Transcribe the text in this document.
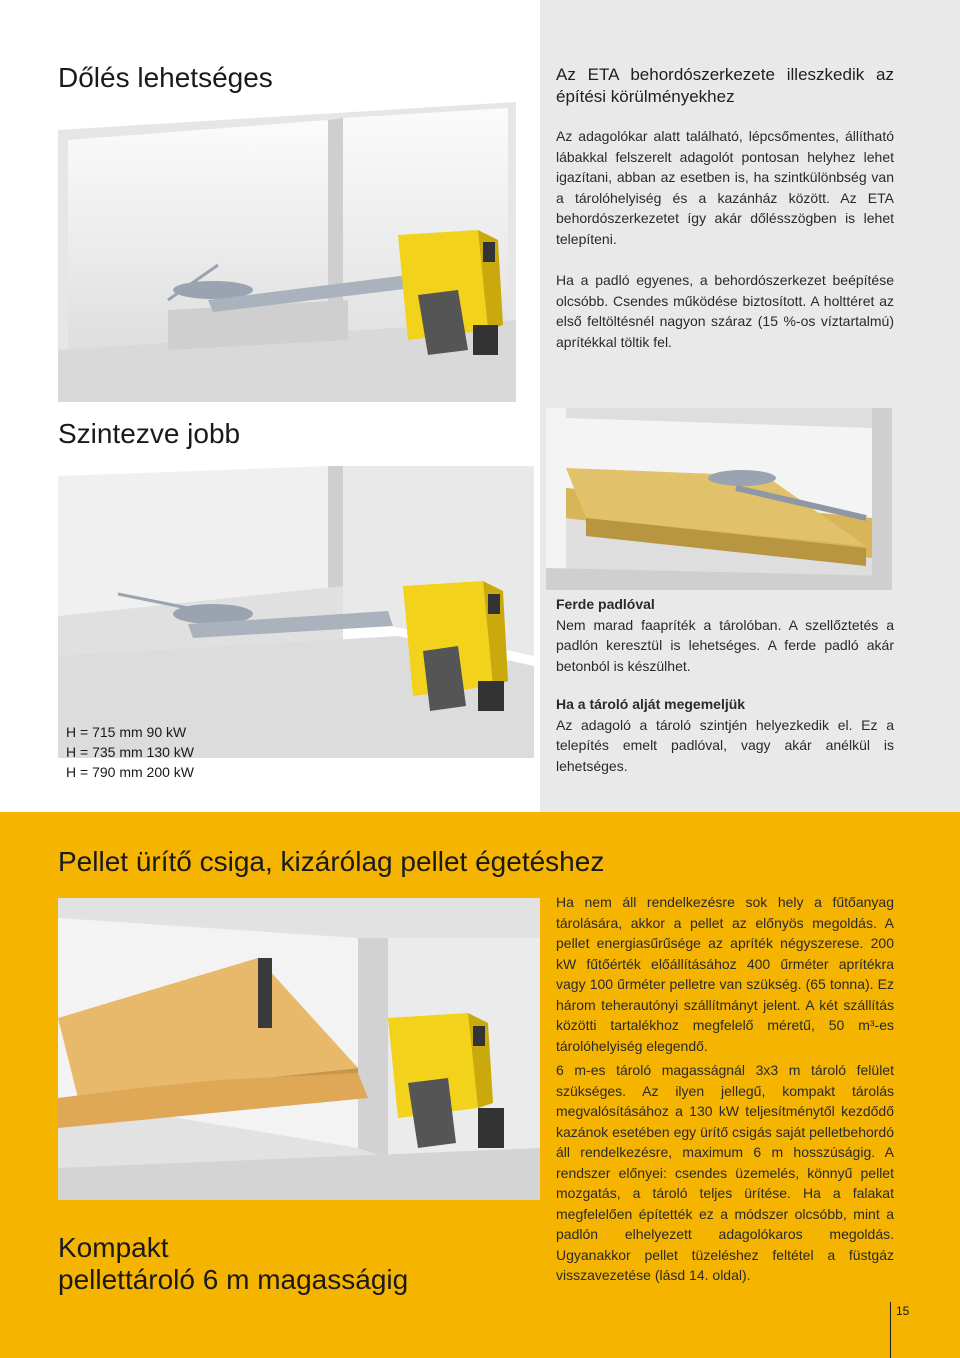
Dőlés lehetséges	Az ETA behordószerkezete illeszkedik az építési körülményekhez

Az adagolókar alatt található, lépcsőmentes, állítható lábakkal felszerelt adagolót pontosan helyhez lehet igazítani, abban az esetben is, ha szintkülönbség van a tárolóhelyiség és a kazánház között. Az ETA behordószerkezetet így akár dőlésszögben is lehet telepíteni.

Ha a padló egyenes, a behordószerkezet beépítése olcsóbb. Csendes működése biztosított. A holttéret az első feltöltésnél nagyon száraz (15 %-os víztartalmú) aprítékkal töltik fel.

Szintezve jobb

Ferde padlóval

Nem marad faapríték a tárolóban. A szellőztetés a padlón keresztül is lehetséges. A ferde padló akár betonból is készülhet.

Ha a tároló alját megemeljük

Az adagoló a tároló szintjén helyezkedik el. Ez a telepítés emelt padlóval, vagy akár anélkül is lehetséges.

H = 715 mm 90 kW
H = 735 mm 130 kW
H = 790 mm 200 kW
Pellet ürítő csiga, kizárólag pellet égetéshez
Kompakt
pellettároló 6 m magasságig

Ha nem áll rendelkezésre sok hely a fűtőanyag tárolására, akkor a pellet az előnyös megoldás. A pellet energiasűrűsége az apríték négyszerese. 200 kW fűtőérték előállításához 400 űrméter aprítékra vagy 100 űrméter pelletre van szükség. (65 tonna). Ez három teherautónyi szállítmányt jelent. A két szállítás közötti tartalékhoz megfelelő méretű, 50 m³-es tárolóhelyiség elegendő.

6 m-es tároló magasságnál 3x3 m tároló felület szükséges. Az ilyen jellegű, kompakt tárolás megvalósításához a 130 kW teljesítménytől kezdődő kazánok esetében egy ürítő csigás saját pelletbehordó áll rendelkezésre, maximum 6 m hosszúságig. A rendszer előnyei: csendes üzemelés, könnyű pellet mozgatás, a tároló teljes ürítése. Ha a falakat megfelelően építették ez a módszer olcsóbb, mint a padlón elhelyezett adagolókaros megoldás. Ugyanakkor pellet tüzeléshez feltétel a füstgáz visszavezetése (lásd 14. oldal).

15
